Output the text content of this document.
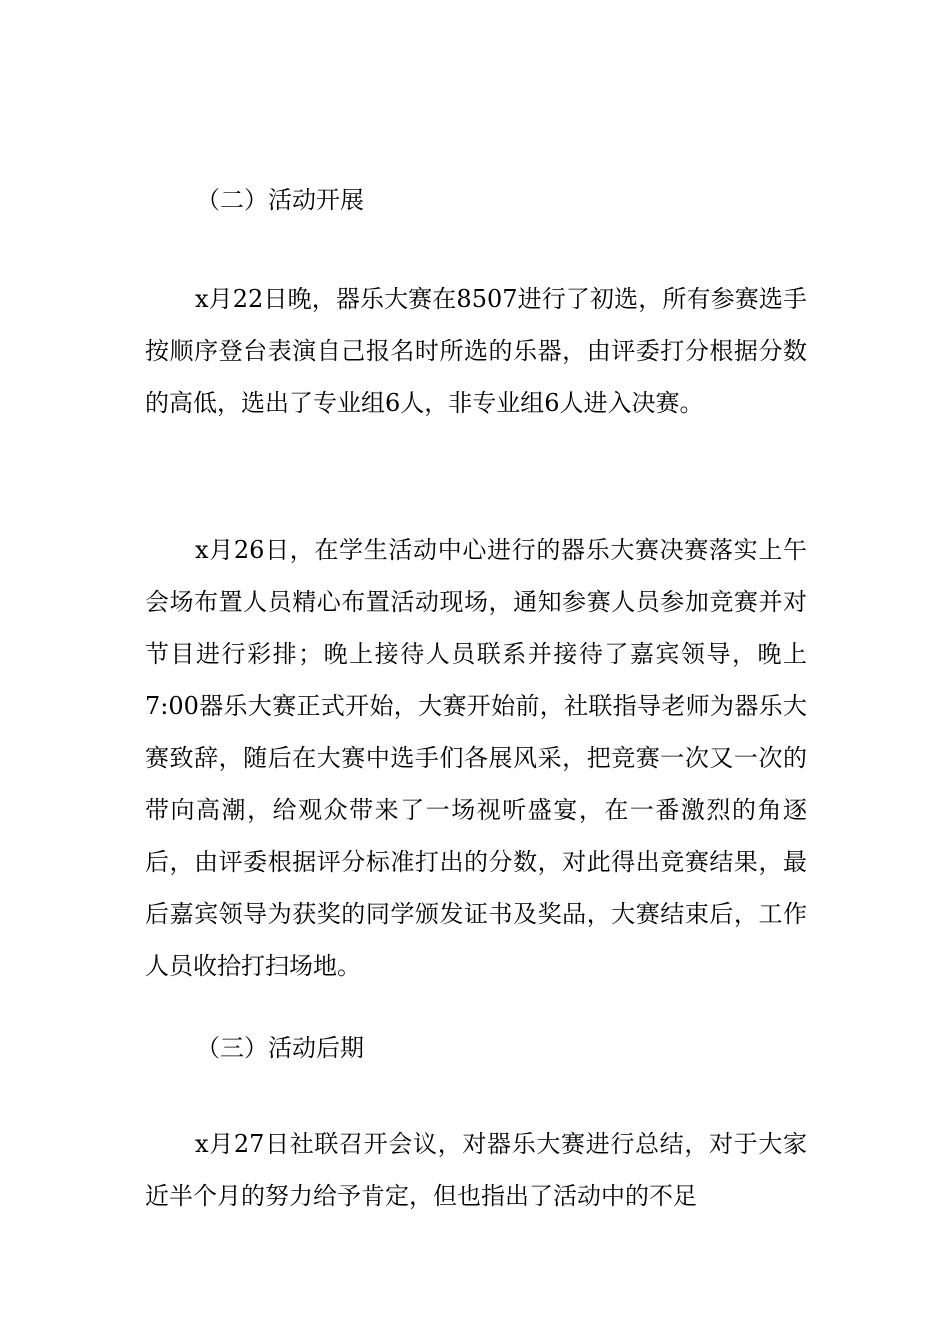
（二）活动开展

x月22日晚，器乐大赛在8507进行了初选，所有参赛选手按顺序登台表演自己报名时所选的乐器，由评委打分根据分数的高低，选出了专业组6人，非专业组6人进入决赛。

x月26日，在学生活动中心进行的器乐大赛决赛落实上午会场布置人员精心布置活动现场，通知参赛人员参加竞赛并对节目进行彩排；晚上接待人员联系并接待了嘉宾领导，晚上7:00器乐大赛正式开始，大赛开始前，社联指导老师为器乐大赛致辞，随后在大赛中选手们各展风采，把竞赛一次又一次的带向高潮，给观众带来了一场视听盛宴，在一番激烈的角逐后，由评委根据评分标准打出的分数，对此得出竞赛结果，最后嘉宾领导为获奖的同学颁发证书及奖品，大赛结束后，工作人员收拾打扫场地。

（三）活动后期

x月27日社联召开会议，对器乐大赛进行总结，对于大家近半个月的努力给予肯定，但也指出了活动中的不足
